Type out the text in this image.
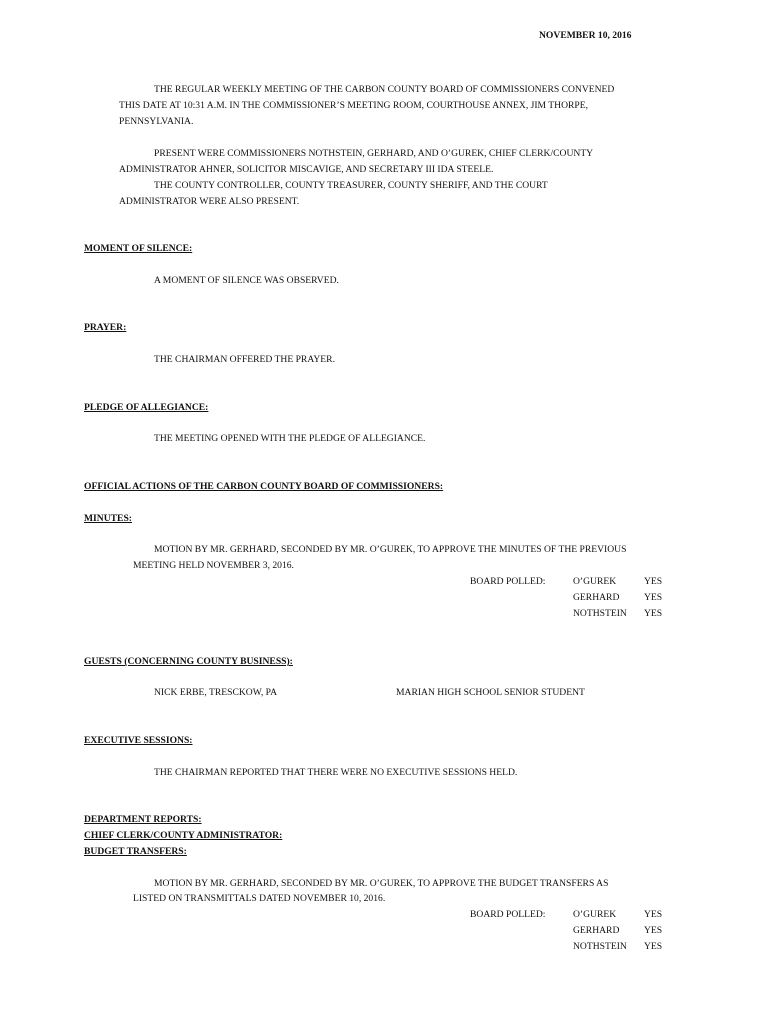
NOVEMBER 10, 2016
THE REGULAR WEEKLY MEETING OF THE CARBON COUNTY BOARD OF COMMISSIONERS CONVENED
THIS DATE AT 10:31 A.M. IN THE COMMISSIONER’S MEETING ROOM, COURTHOUSE ANNEX, JIM THORPE,
PENNSYLVANIA.
PRESENT WERE COMMISSIONERS NOTHSTEIN, GERHARD, AND O’GUREK, CHIEF CLERK/COUNTY
ADMINISTRATOR AHNER, SOLICITOR MISCAVIGE, AND SECRETARY III IDA STEELE.
THE COUNTY CONTROLLER, COUNTY TREASURER, COUNTY SHERIFF, AND THE COURT
ADMINISTRATOR WERE ALSO PRESENT.
MOMENT OF SILENCE:
A MOMENT OF SILENCE WAS OBSERVED.
PRAYER:
THE CHAIRMAN OFFERED THE PRAYER.
PLEDGE OF ALLEGIANCE:
THE MEETING OPENED WITH THE PLEDGE OF ALLEGIANCE.
OFFICIAL ACTIONS OF THE CARBON COUNTY BOARD OF COMMISSIONERS:
MINUTES:
MOTION BY MR. GERHARD, SECONDED BY MR. O’GUREK, TO APPROVE THE MINUTES OF THE PREVIOUS
MEETING HELD NOVEMBER 3, 2016.
BOARD POLLED:	O’GUREK	YES
GERHARD	YES
NOTHSTEIN YES
GUESTS (CONCERNING COUNTY BUSINESS):
NICK ERBE, TRESCKOW, PA	MARIAN HIGH SCHOOL SENIOR STUDENT
EXECUTIVE SESSIONS:
THE CHAIRMAN REPORTED THAT THERE WERE NO EXECUTIVE SESSIONS HELD.
DEPARTMENT REPORTS:
CHIEF CLERK/COUNTY ADMINISTRATOR:
BUDGET TRANSFERS:
MOTION BY MR. GERHARD, SECONDED BY MR. O’GUREK, TO APPROVE THE BUDGET TRANSFERS AS
LISTED ON TRANSMITTALS DATED NOVEMBER 10, 2016.
BOARD POLLED:	O’GUREK	YES
GERHARD	YES
NOTHSTEIN YES
